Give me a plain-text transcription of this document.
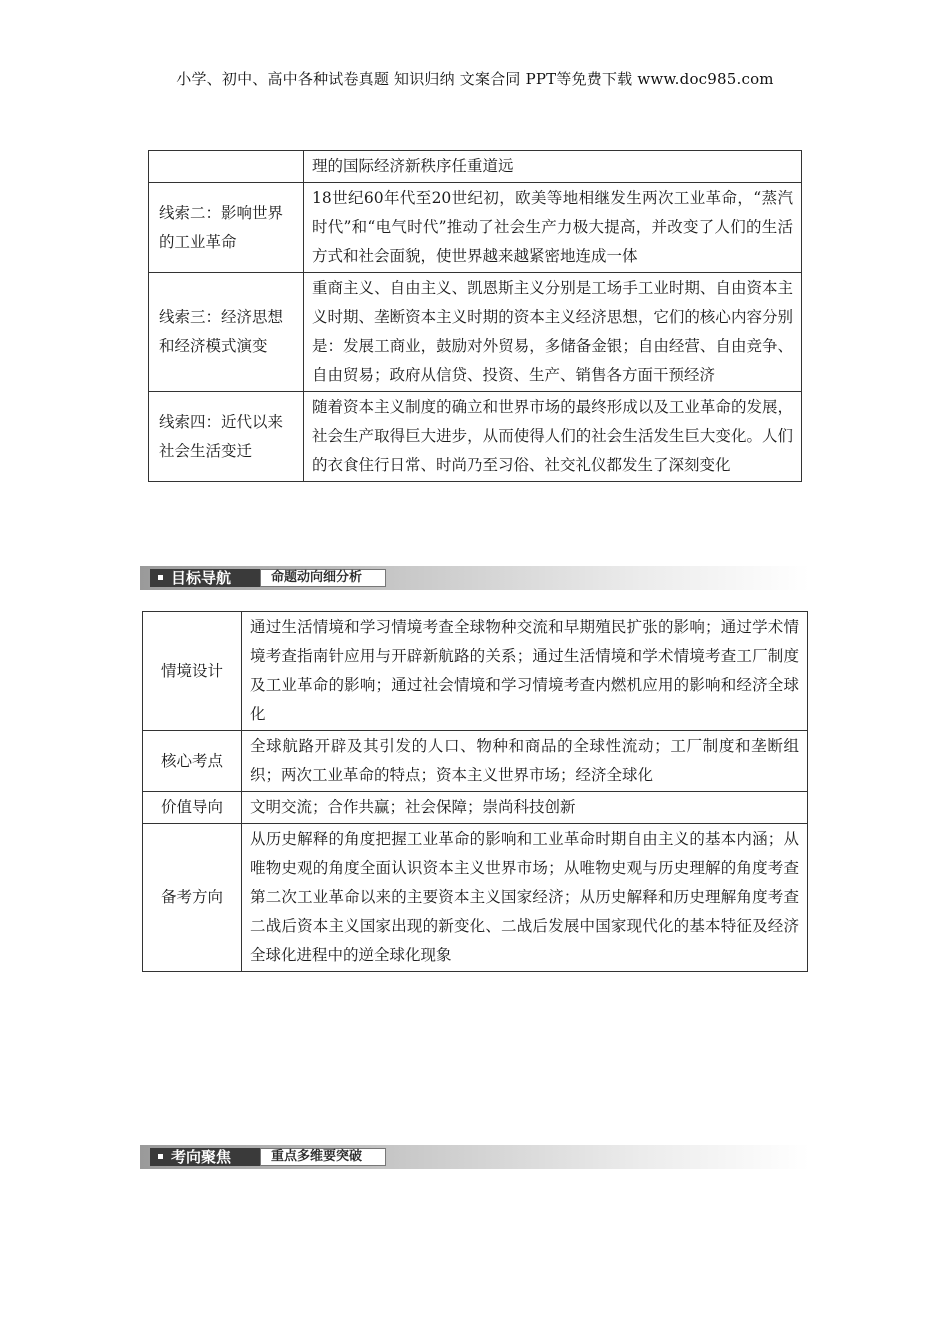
小学、初中、高中各种试卷真题 知识归纳 文案合同 PPT等免费下载 www.doc985.com
	理的国际经济新秩序任重道远
线索二：影响世界的工业革命	18世纪60年代至20世纪初，欧美等地相继发生两次工业革命，“蒸汽时代”和“电气时代”推动了社会生产力极大提高，并改变了人们的生活方式和社会面貌，使世界越来越紧密地连成一体
线索三：经济思想和经济模式演变	重商主义、自由主义、凯恩斯主义分别是工场手工业时期、自由资本主义时期、垄断资本主义时期的资本主义经济思想，它们的核心内容分别是：发展工商业，鼓励对外贸易，多储备金银；自由经营、自由竞争、自由贸易；政府从信贷、投资、生产、销售各方面干预经济
线索四：近代以来社会生活变迁	随着资本主义制度的确立和世界市场的最终形成以及工业革命的发展，社会生产取得巨大进步，从而使得人们的社会生活发生巨大变化。人们的衣食住行日常、时尚乃至习俗、社交礼仪都发生了深刻变化
目标导航	命题动向细分析
情境设计	通过生活情境和学习情境考查全球物种交流和早期殖民扩张的影响；通过学术情境考查指南针应用与开辟新航路的关系；通过生活情境和学术情境考查工厂制度及工业革命的影响；通过社会情境和学习情境考查内燃机应用的影响和经济全球化
核心考点	全球航路开辟及其引发的人口、物种和商品的全球性流动；工厂制度和垄断组织；两次工业革命的特点；资本主义世界市场；经济全球化
价值导向	文明交流；合作共赢；社会保障；崇尚科技创新
备考方向	从历史解释的角度把握工业革命的影响和工业革命时期自由主义的基本内涵；从唯物史观的角度全面认识资本主义世界市场；从唯物史观与历史理解的角度考查第二次工业革命以来的主要资本主义国家经济；从历史解释和历史理解角度考查二战后资本主义国家出现的新变化、二战后发展中国家现代化的基本特征及经济全球化进程中的逆全球化现象
考向聚焦	重点多维要突破
